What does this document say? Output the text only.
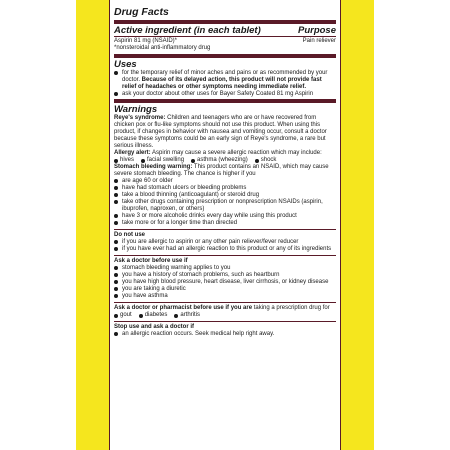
Drug Facts
Active ingredient (in each tablet)	Purpose
Aspirin 81 mg (NSAID)*	Pain reliever
*nonsteroidal anti-inflammatory drug
Uses
for the temporary relief of minor aches and pains or as recommended by your doctor. Because of its delayed action, this product will not provide fast relief of headaches or other symptoms needing immediate relief.
ask your doctor about other uses for Bayer Safety Coated 81 mg Aspirin
Warnings
Reye's syndrome: Children and teenagers who are or have recovered from chicken pox or flu-like symptoms should not use this product. When using this product, if changes in behavior with nausea and vomiting occur, consult a doctor because these symptoms could be an early sign of Reye's syndrome, a rare but serious illness.
Allergy alert: Aspirin may cause a severe allergic reaction which may include:
hives facial swelling asthma (wheezing) shock
Stomach bleeding warning: This product contains an NSAID, which may cause severe stomach bleeding. The chance is higher if you
are age 60 or older
have had stomach ulcers or bleeding problems
take a blood thinning (anticoagulant) or steroid drug
take other drugs containing prescription or nonprescription NSAIDs (aspirin, ibuprofen, naproxen, or others)
have 3 or more alcoholic drinks every day while using this product
take more or for a longer time than directed
Do not use
if you are allergic to aspirin or any other pain reliever/fever reducer
if you have ever had an allergic reaction to this product or any of its ingredients
Ask a doctor before use if
stomach bleeding warning applies to you
you have a history of stomach problems, such as heartburn
you have high blood pressure, heart disease, liver cirrhosis, or kidney disease
you are taking a diuretic
you have asthma
Ask a doctor or pharmacist before use if you are taking a prescription drug for
gout diabetes arthritis
Stop use and ask a doctor if
an allergic reaction occurs. Seek medical help right away.
